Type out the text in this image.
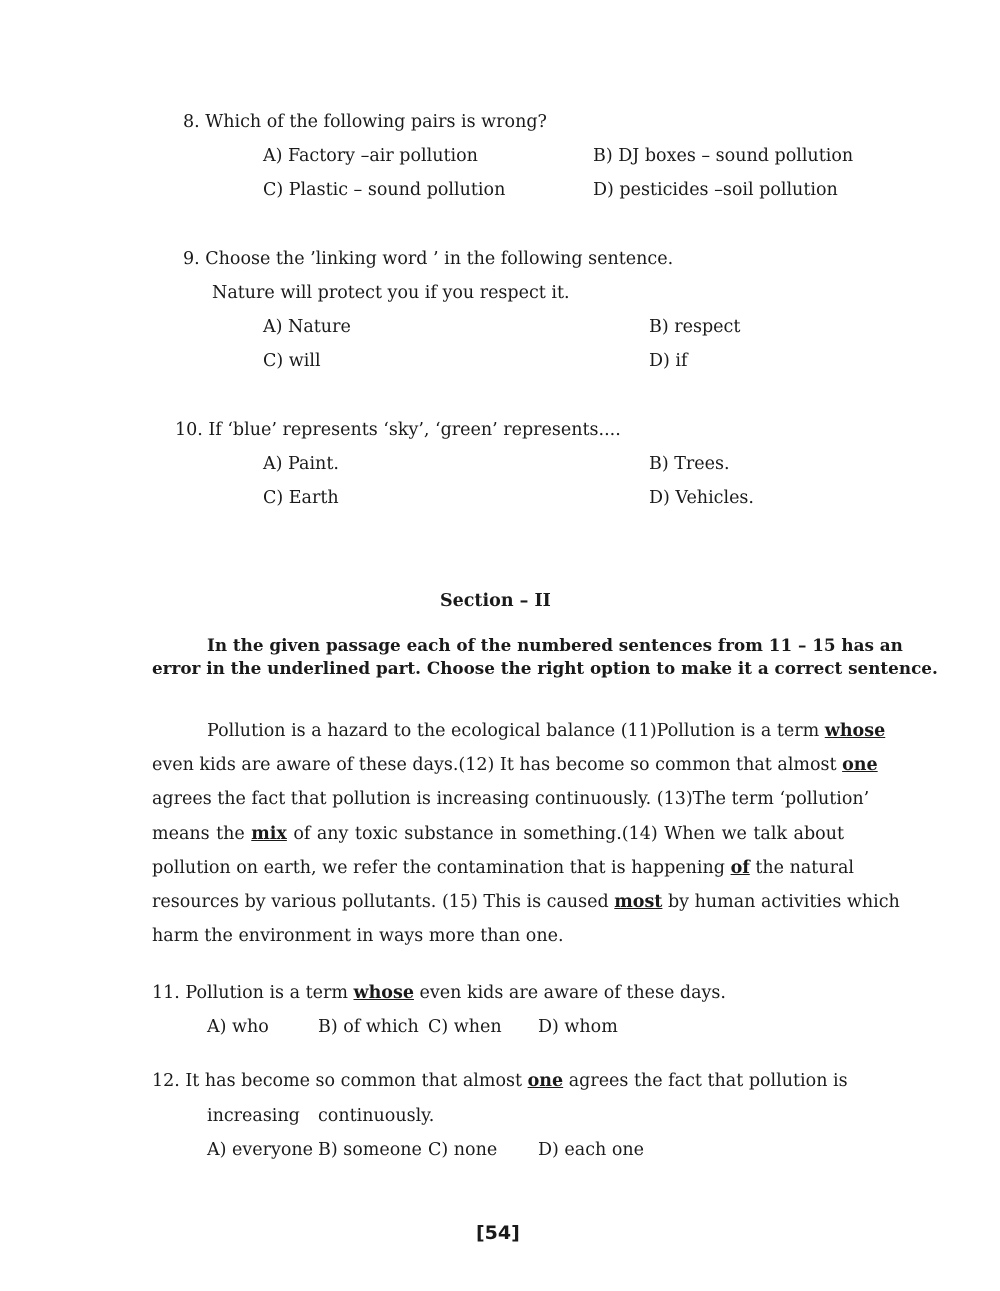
8. Which of the following pairs is wrong?
A) Factory –air pollution	B) DJ boxes – sound pollution
C) Plastic – sound pollution	D) pesticides –soil pollution
9. Choose the ’linking word ’ in the following sentence.
Nature will protect you if you respect it.
A) Nature	B) respect
C) will	D) if
10. If ‘blue’ represents ‘sky’, ‘green’ represents....
A) Paint.	B) Trees.
C) Earth	D) Vehicles.
Section – II
In the given passage each of the numbered sentences from 11 – 15 has an
error in the underlined part. Choose the right option to make it a correct sentence.
Pollution is a hazard to the ecological balance (11)Pollution is a term whose
even kids are aware of these days.(12) It has become so common that almost one
agrees the fact that pollution is increasing continuously. (13)The term ‘pollution’
means the mix of any toxic substance in something.(14) When we talk about
pollution on earth, we refer the contamination that is happening of the natural
resources by various pollutants. (15) This is caused most by human activities which
harm the environment in ways more than one.
11. Pollution is a term whose even kids are aware of these days.
A) who	B) of which C) when D) whom
12. It has become so common that almost one agrees the fact that pollution is
increasing continuously.
A) everyone B) someone C) none D) each one
[54]
